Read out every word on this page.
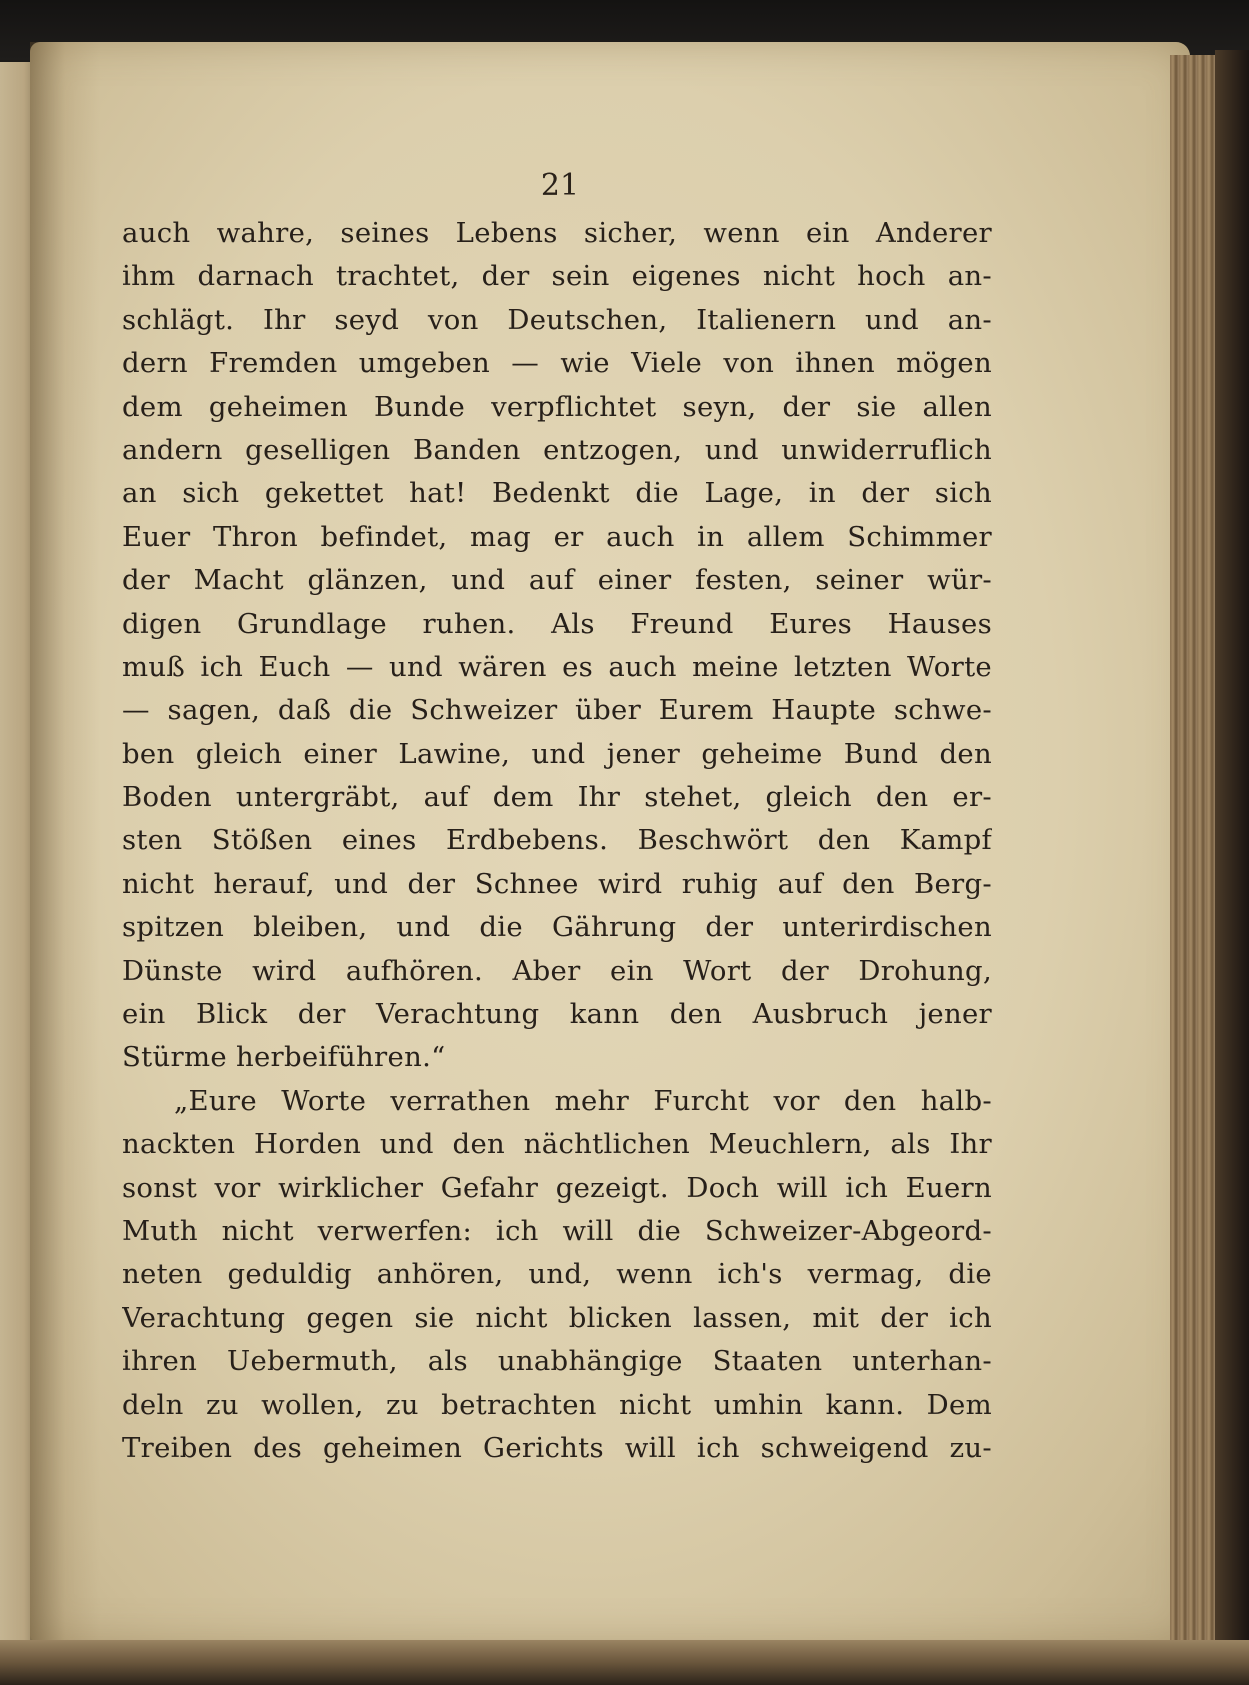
21
auch wahre, seines Lebens sicher, wenn ein Anderer
ihm darnach trachtet, der sein eigenes nicht hoch an-
schlägt. Ihr seyd von Deutschen, Italienern und an-
dern Fremden umgeben — wie Viele von ihnen mögen
dem geheimen Bunde verpflichtet seyn, der sie allen
andern geselligen Banden entzogen, und unwiderruflich
an sich gekettet hat! Bedenkt die Lage, in der sich
Euer Thron befindet, mag er auch in allem Schimmer
der Macht glänzen, und auf einer festen, seiner wür-
digen Grundlage ruhen. Als Freund Eures Hauses
muß ich Euch — und wären es auch meine letzten Worte
— sagen, daß die Schweizer über Eurem Haupte schwe-
ben gleich einer Lawine, und jener geheime Bund den
Boden untergräbt, auf dem Ihr stehet, gleich den er-
sten Stößen eines Erdbebens. Beschwört den Kampf
nicht herauf, und der Schnee wird ruhig auf den Berg-
spitzen bleiben, und die Gährung der unterirdischen
Dünste wird aufhören. Aber ein Wort der Drohung,
ein Blick der Verachtung kann den Ausbruch jener
Stürme herbeiführen.“
„Eure Worte verrathen mehr Furcht vor den halb-
nackten Horden und den nächtlichen Meuchlern, als Ihr
sonst vor wirklicher Gefahr gezeigt. Doch will ich Euern
Muth nicht verwerfen: ich will die Schweizer-Abgeord-
neten geduldig anhören, und, wenn ich's vermag, die
Verachtung gegen sie nicht blicken lassen, mit der ich
ihren Uebermuth, als unabhängige Staaten unterhan-
deln zu wollen, zu betrachten nicht umhin kann. Dem
Treiben des geheimen Gerichts will ich schweigend zu-
